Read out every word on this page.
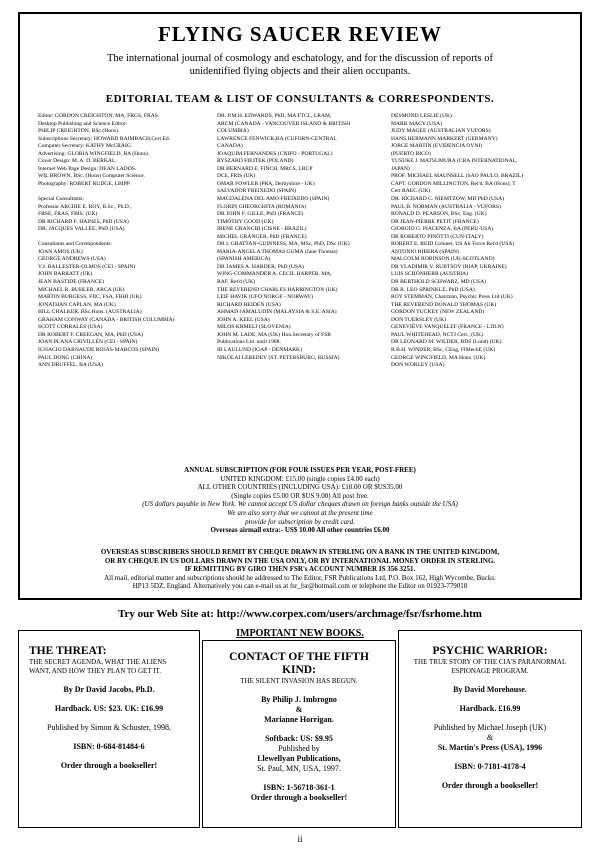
FLYING SAUCER REVIEW
The international journal of cosmology and eschatology, and for the discussion of reports of unidentified flying objects and their alien occupants.
EDITORIAL TEAM & LIST OF CONSULTANTS & CORRESPONDENTS.
Editor: GORDON CREIGHTON, MA, FRGS, FRAS.
Desktop Publishing and Science Editor:
PHILIP CREIGHTON, BSc.(Hons).
Subscriptions Secretary: HOWARD RAIMBACH,Cert.Ed.
Computer Secretary: KATHY McCRAIG.
Advertising: GLORIA WINGFIELD, BA (Hons).
Cover Design: M. A. D. BERKAL.
Internet Web Page Design: DEAN LADDS.
WIL BROWN, BSc. (Hons) Computer Science.
Photography: ROBERT RUDGE, LBIPP.
Special Consultants:
Professor ARCHIE E. ROY, B.Sc., Ph.D.,
FRSE, FRAS, FBIS. (UK)
DR RICHARD F. HAINES, PhD (USA)
DR. JACQUES VALLÉE, PhD (USA)
Consultants and Correspondents:
JOAN AMOS (UK)
GEORGE ANDREWS (USA)
V.J. BALLESTER-OLMOS (CEI - SPAIN)
JOHN BARRATT (UK)
JEAN BASTIDE (FRANCE)
MICHAEL R. BUHLER, ARCA (UK)
MARTIN BURGESS, FIIC, FSA, FBHI (UK)
JONATHAN CAPLAN, MA (UK)
BILL CHALKER, BSc.Hons. (AUSTRALIA)
GRAHAM CONWAY (CANADA - BRITISH COLUMBIA)
SCOTT CORRALES (USA)
DR ROBERT F. CREEGAN, MA, PhD (USA)
JOAN PLANA CRIVILLÉN (CEI - SPAIN)
IGNACIO DARNAUDE ROJAS-MARCOS (SPAIN)
PAUL DONG (CHINA)
ANN DRUFFEL, BA (USA)
DR. P.M.H. EDWARDS, PhD, MA FTCL, LRAM,
ARCM (CANADA - VANCOUVER ISLAND & BRITISH
COLUMBIA)
LAWRENCE FENWICK,BA (CUFORN-CENTRAL
CANADA)
JOAQUIM FERNANDES (CNIFO - PORTUGAL)
RYSZARD FIEJTEK (POLAND)
DR BERNARD E. FINCH, MRCS, LRCP
DCh, FRIS (UK)
OMAR FOWLER (PRA, Derbyshire - UK)
SALVADOR FREIXEDO (SPAIN)
MAGDALENA DEL AMO-FREIXEDO (SPAIN)
FLORIN GHEORGHITA (ROMANIA)
DR JOHN F. GILLE, PhD (FRANCE)
TIMOTHY GOOD (UK)
IRENE GRANCHI (CISNE - BRAZIL)
MICHEL GRANGER, PhD (FRANCE)
DR I. GRATTAN-GUINNESS, MA, MSc, PhD, DSc (UK)
MARIA-ANGELA THOMAS GUMA (Jane Thomas)
(SPANISH AMERICA)
DR JAMES A. HARDER, PhD (USA)
WING-COMMANDER A. CECIL HARPER, MA,
RAF, Ret'd (UK)
THE REVEREND CHARLES HARRINGTON (UK)
LEIF HAVIK (UFO NORGE - NORWAY)
RICHARD HEIDEN (USA)
AHMAD JAMALUDIN (MALAYSIA & S.E. ASIA)
JOHN A. KEEL (USA)
MILOS KRMELJ (SLOVENIA)
JOHN M. LADE, MA (UK) Hon.Secretary of FSR
Publications Ltd. until 1988.
IB LAULUND (IGAP - DENMARK)
NIKOLAI LEBEDEV (ST. PETERSBURG, RUSSIA)
DESMOND LESLIE (UK)
MARK MACY (USA)
JUDY MAGEE (AUSTRALIAN VUFORS)
HANS HERMANN MARKERT (GERMANY)
JORGE MARTIN (EVIDENCIA OVNI)
(PUERTO RICO)
YUSUKE J. MATSUMURA (CBA INTERNATIONAL,
JAPAN)
PROF. MICHAEL MAUNSELL (SAO PAULO, BRAZIL)
CAPT. GORDON MILLINGTON, Ret'd, BA (Hons), T
Cert RAEC (UK)
DR. RICHARD C. NIEMTZOW, MD PhD (USA)
PAUL B. NORMAN (AUSTRALIA - VUFORS)
RONALD D. PEARSON, BSc, Eng. (UK)
DR JEAN-PIERRE PETIT (FRANCE)
GIORGIO G. PIACENZA, BA (PERU-USA)
DR ROBERTO PINOTTI (CUN-ITALY)
ROBERT E. REID Colonel, US Air Force Ret'd (USA)
ANTONIO RIBERA (SPAIN)
MALCOLM ROBINSON (UK-SCOTLAND)
DR VLADIMIR V. RUBTSOV (RIAP, UKRAINE)
LUIS SCHÖNHERR (AUSTRIA)
DR BERTHOLD SCHWARZ, MD (USA)
DR R. LEO SPRINKLE, PhD (USA)
ROY STEMMAN, Chairman, Psychic Press Ltd (UK)
THE REVEREND DONALD THOMAS (UK)
GORDON TUCKEY (NEW ZEALAND)
DON TUERSLEY (UK)
GENEVIÈVE VANQUELEF (FRANCE - LDLN)
PAUL WHITEHEAD, NCTJ Cert., (UK)
DR LEONARD M. WILDER, BDS (Lond) (UK)
R.B.H. WINDER, BSc, CEng, FIMechE (UK)
GEORGE WINGFIELD, MA Hons. (UK)
DON WORLEY (USA)
ANNUAL SUBSCRIPTION (FOR FOUR ISSUES PER YEAR, POST-FREE)
UNITED KINGDOM: £15.00 (single copies £4.00 each)
ALL OTHER COUNTRIES (INCLUDING USA): £18.00 OR $US35.00
(Single copies £5.00 OR $US 9.00) All post free.
(US dollars payable in New York. We cannot accept US dollar cheques drawn on foreign banks outside the USA)
We are also sorry that we cannot at the present time
provide for subscription by credit card.
Overseas airmail extra:- US$ 10.00 All other countries £6.00
OVERSEAS SUBSCRIBERS SHOULD REMIT BY CHEQUE DRAWN IN STERLING ON A BANK IN THE UNITED KINGDOM,
OR BY CHEQUE IN US DOLLARS DRAWN IN THE USA ONLY, OR BY INTERNATIONAL MONEY ORDER IN STERLING.
IF REMITTING BY GIRO THEN FSR's ACCOUNT NUMBER IS 356 3251.
All mail, editorial matter and subscriptions should be addressed to The Editor, FSR Publications Ltd, P.O. Box 162, High Wycombe, Bucks.
HP13 5DZ, England. Alternatively you can e-mail us at fsr_fsr@hotmail.com or telephone the Editor on 01923-779018
Try our Web Site at: http://www.corpex.com/users/archmage/fsr/fsrhome.htm
THE THREAT:
THE SECRET AGENDA, WHAT THE ALIENS WANT, AND HOW THEY PLAN TO GET IT.
By Dr David Jacobs, Ph.D.
Hardback. US: $23. UK: £16.99
Published by Simon & Schuster, 1998.
ISBN: 0-684-81484-6
Order through a bookseller!
CONTACT OF THE FIFTH KIND:
THE SILENT INVASION HAS BEGUN.
By Philip J. Imbrogno
&
Marianne Horrigan.
Softback: US: $9.95
Published by
Llewellyan Publications,
St. Paul, MN, USA, 1997.
ISBN: 1-56718-361-1
Order through a bookseller!
IMPORTANT NEW BOOKS.
PSYCHIC WARRIOR:
THE TRUE STORY OF THE CIA'S PARANORMAL ESPIONAGE PROGRAM.
By David Morehouse.
Hardback. £16.99
Published by Michael Joseph (UK)
&
St. Martin's Press (USA), 1996
ISBN: 0-7181-4178-4
Order through a bookseller!
ii
